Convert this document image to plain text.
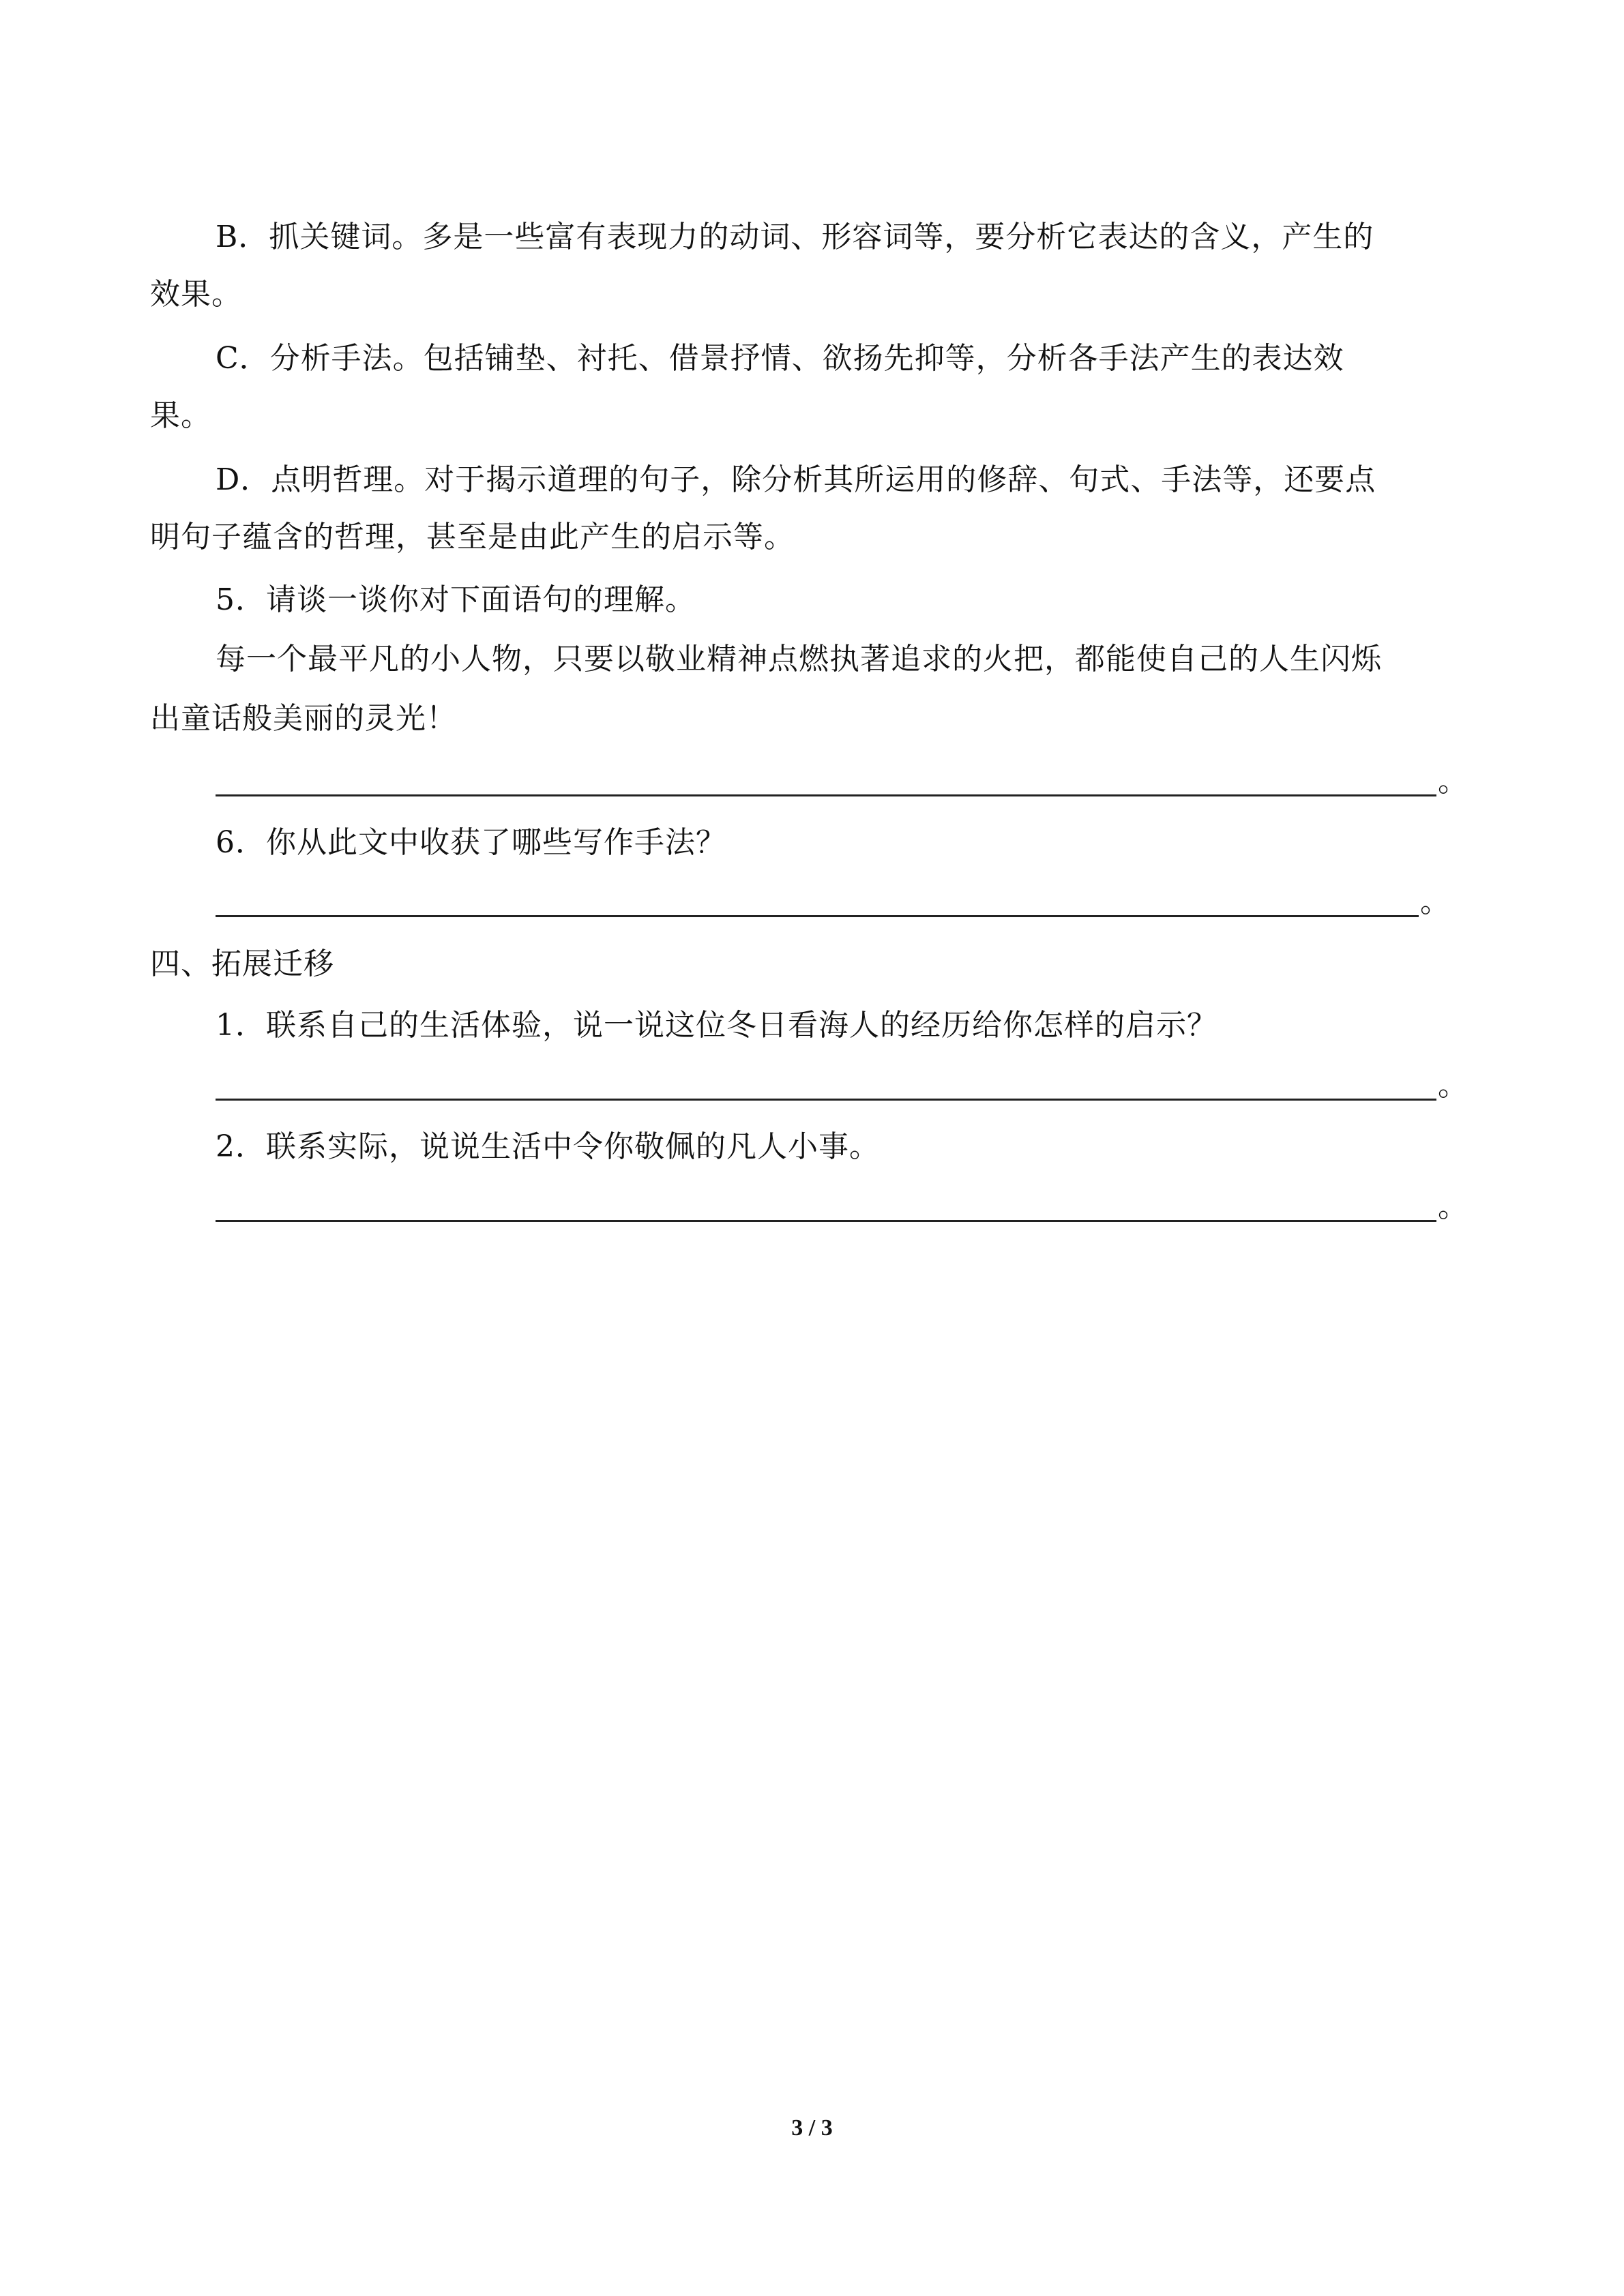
B．抓关键词。多是一些富有表现力的动词、形容词等，要分析它表达的含义，产生的
效果。
C．分析手法。包括铺垫、衬托、借景抒情、欲扬先抑等，分析各手法产生的表达效
果。
D．点明哲理。对于揭示道理的句子，除分析其所运用的修辞、句式、手法等，还要点
明句子蕴含的哲理，甚至是由此产生的启示等。
5．请谈一谈你对下面语句的理解。
每一个最平凡的小人物，只要以敬业精神点燃执著追求的火把，都能使自己的人生闪烁
出童话般美丽的灵光！
。
6．你从此文中收获了哪些写作手法？
。
四、拓展迁移
1．联系自己的生活体验，说一说这位冬日看海人的经历给你怎样的启示？
。
2．联系实际，说说生活中令你敬佩的凡人小事。
。
3 / 3
